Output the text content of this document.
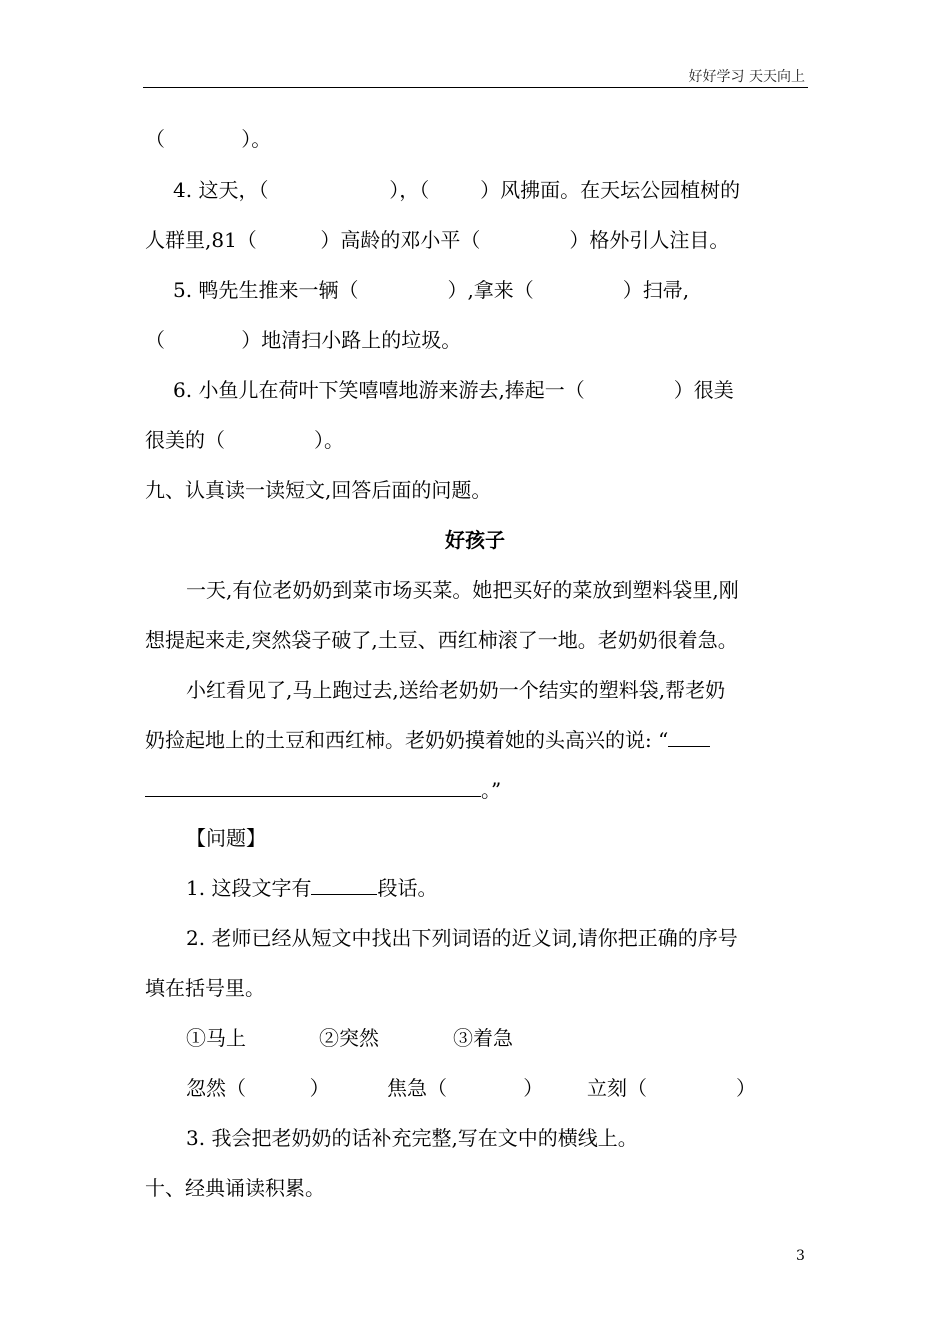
好好学习 天天向上
（            ）。
4. 这天，（                   ），（        ）风拂面。在天坛公园植树的
人群里,81（          ）高龄的邓小平（              ）格外引人注目。
5. 鸭先生推来一辆（              ）,拿来（              ）扫帚,
（            ）地清扫小路上的垃圾。
6. 小鱼儿在荷叶下笑嘻嘻地游来游去,捧起一（              ）很美
很美的（              ）。
九、认真读一读短文,回答后面的问题。
好孩子
一天,有位老奶奶到菜市场买菜。她把买好的菜放到塑料袋里,刚
想提起来走,突然袋子破了,土豆、西红柿滚了一地。老奶奶很着急。
小红看见了,马上跑过去,送给老奶奶一个结实的塑料袋,帮老奶
奶捡起地上的土豆和西红柿。老奶奶摸着她的头高兴的说: “
。”
【问题】
1. 这段文字有	段话。
2. 老师已经从短文中找出下列词语的近义词,请你把正确的序号
填在括号里。
①马上	②突然	③着急
忽然（          ）	焦急（            ）	立刻（              ）
3. 我会把老奶奶的话补充完整,写在文中的横线上。
十、经典诵读积累。
3
